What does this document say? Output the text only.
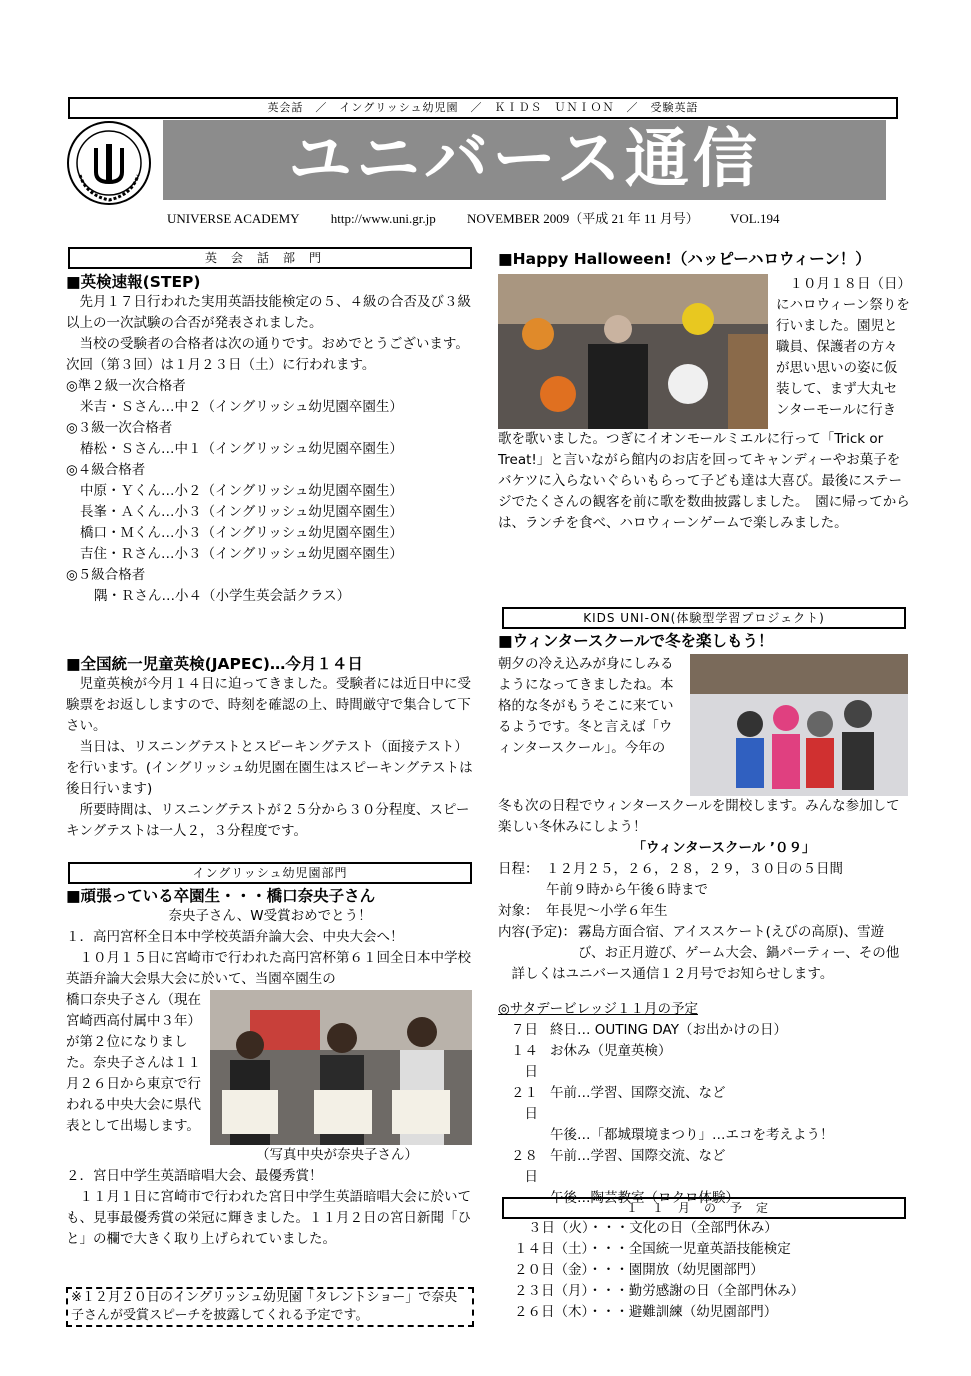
英会話　／　イングリッシュ幼児園　／　ＫＩＤＳ　ＵＮＩＯＮ　／　受験英語
ユニバース通信
UNIVERSE ACADEMY http://www.uni.gr.jp NOVEMBER 2009（平成 21 年 11 月号） VOL.194
英会話部門
■英検速報(STEP)

先月１７日行われた実用英語技能検定の５、４級の合否及び３級以上の一次試験の合否が発表されました。

当校の受験者の合格者は次の通りです。おめでとうございます。次回（第３回）は１月２３日（土）に行われます。

◎準２級一次合格者
米吉・Ｓさん…中２（イングリッシュ幼児園卒園生）
◎３級一次合格者
椿松・Ｓさん…中１（イングリッシュ幼児園卒園生）
◎４級合格者
中原・Ｙくん…小２（イングリッシュ幼児園卒園生）
長峯・Ａくん…小３（イングリッシュ幼児園卒園生）
橋口・Ｍくん…小３（イングリッシュ幼児園卒園生）
吉住・Ｒさん…小３（イングリッシュ幼児園卒園生）
◎５級合格者
隅・Ｒさん…小４（小学生英会話クラス）
■全国統一児童英検(JAPEC)…今月１４日

児童英検が今月１４日に迫ってきました。受験者には近日中に受験票をお返ししますので、時刻を確認の上、時間厳守で集合して下さい。

当日は、リスニングテストとスピーキングテスト（面接テスト）を行います。(イングリッシュ幼児園在園生はスピーキングテストは後日行います)

所要時間は、リスニングテストが２５分から３０分程度、スピーキングテストは一人２，３分程度です。

イングリッシュ幼児園部門
■頑張っている卒園生・・・橋口奈央子さん
奈央子さん、W受賞おめでとう！
１．高円宮杯全日本中学校英語弁論大会、中央大会へ！

１０月１５日に宮崎市で行われた高円宮杯第６１回全日本中学校英語弁論大会県大会に於いて、当園卒園生の

橋口奈央子さん（現在宮崎西高付属中３年）が第２位になりました。奈央子さんは１１月２６日から東京で行われる中央大会に県代表として出場します。

（写真中央が奈央子さん）
２．宮日中学生英語暗唱大会、最優秀賞！

１１月１日に宮崎市で行われた宮日中学生英語暗唱大会に於いても、見事最優秀賞の栄冠に輝きました。１１月２日の宮日新聞「ひと」の欄で大きく取り上げられていました。

※１２月２０日のイングリッシュ幼児園「タレントショー」で奈央子さんが受賞スピーチを披露してくれる予定です。
■Happy Halloween!（ハッピーハロウィーン！）

１０月１８日（日）にハロウィーン祭りを行いました。園児と職員、保護者の方々が思い思いの姿に仮装して、まず大丸センターモールに行き

歌を歌いました。つぎにイオンモールミエルに行って「Trick or Treat!」と言いながら館内のお店を回ってキャンディーやお菓子をバケツに入らないぐらいもらって子ども達は大喜び。最後にステージでたくさんの観客を前に歌を数曲披露しました。　園に帰ってからは、ランチを食べ、ハロウィーンゲームで楽しみました。

KIDS UNI-ON(体験型学習プロジェクト)
■ウィンタースクールで冬を楽しもう！

朝夕の冷え込みが身にしみるようになってきましたね。本格的な冬がもうそこに来ているようです。冬と言えば「ウィンタースクール」。今年の

冬も次の日程でウィンタースクールを開校します。みんな参加して楽しい冬休みにしよう！

「ウィンタースクール ’０９」
日程： １２月２５，２６，２８，２９，３０日の５日間
午前９時から午後６時まで
対象： 年長児～小学６年生
内容(予定)： 霧島方面合宿、アイススケート(えびの高原)、雪遊び、お正月遊び、ゲーム大会、鍋パーティー、その他

詳しくはユニバース通信１２月号でお知らせします。

◎サタデービレッジ１１月の予定
７日 終日… OUTING DAY（お出かけの日）
１４日
お休み（児童英検）
２１日
午前…学習、国際交流、など
午後…「都城環境まつり」…エコを考えよう！
２８日
午前…学習、国際交流、など
午後…陶芸教室（ロクロ体験）
１１月の予定
３日（火）・・・文化の日（全部門休み）
１４日（土）・・・全国統一児童英語技能検定
２０日（金）・・・園開放（幼児園部門）
２３日（月）・・・勤労感謝の日（全部門休み）
２６日（木）・・・避難訓練（幼児園部門）
